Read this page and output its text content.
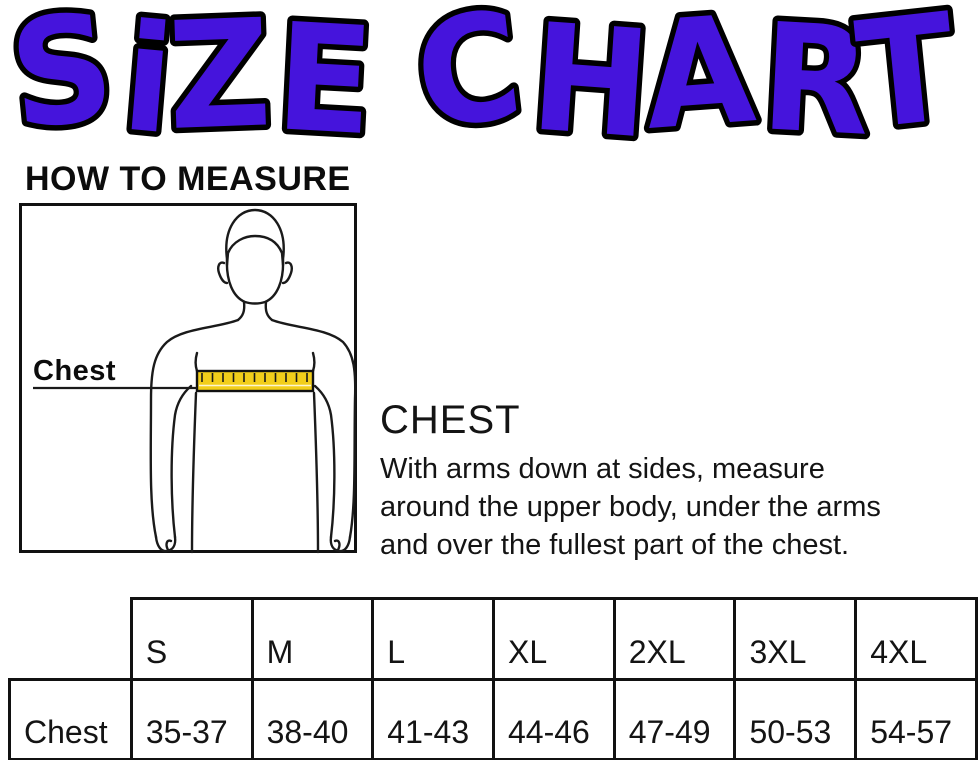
SiZE CHART
HOW TO MEASURE
Chest
CHEST
With arms down at sides, measure
around the upper body, under the arms
and over the fullest part of the chest.
	S	M	L	XL	2XL	3XL	4XL
Chest	35-37	38-40	41-43	44-46	47-49	50-53	54-57
